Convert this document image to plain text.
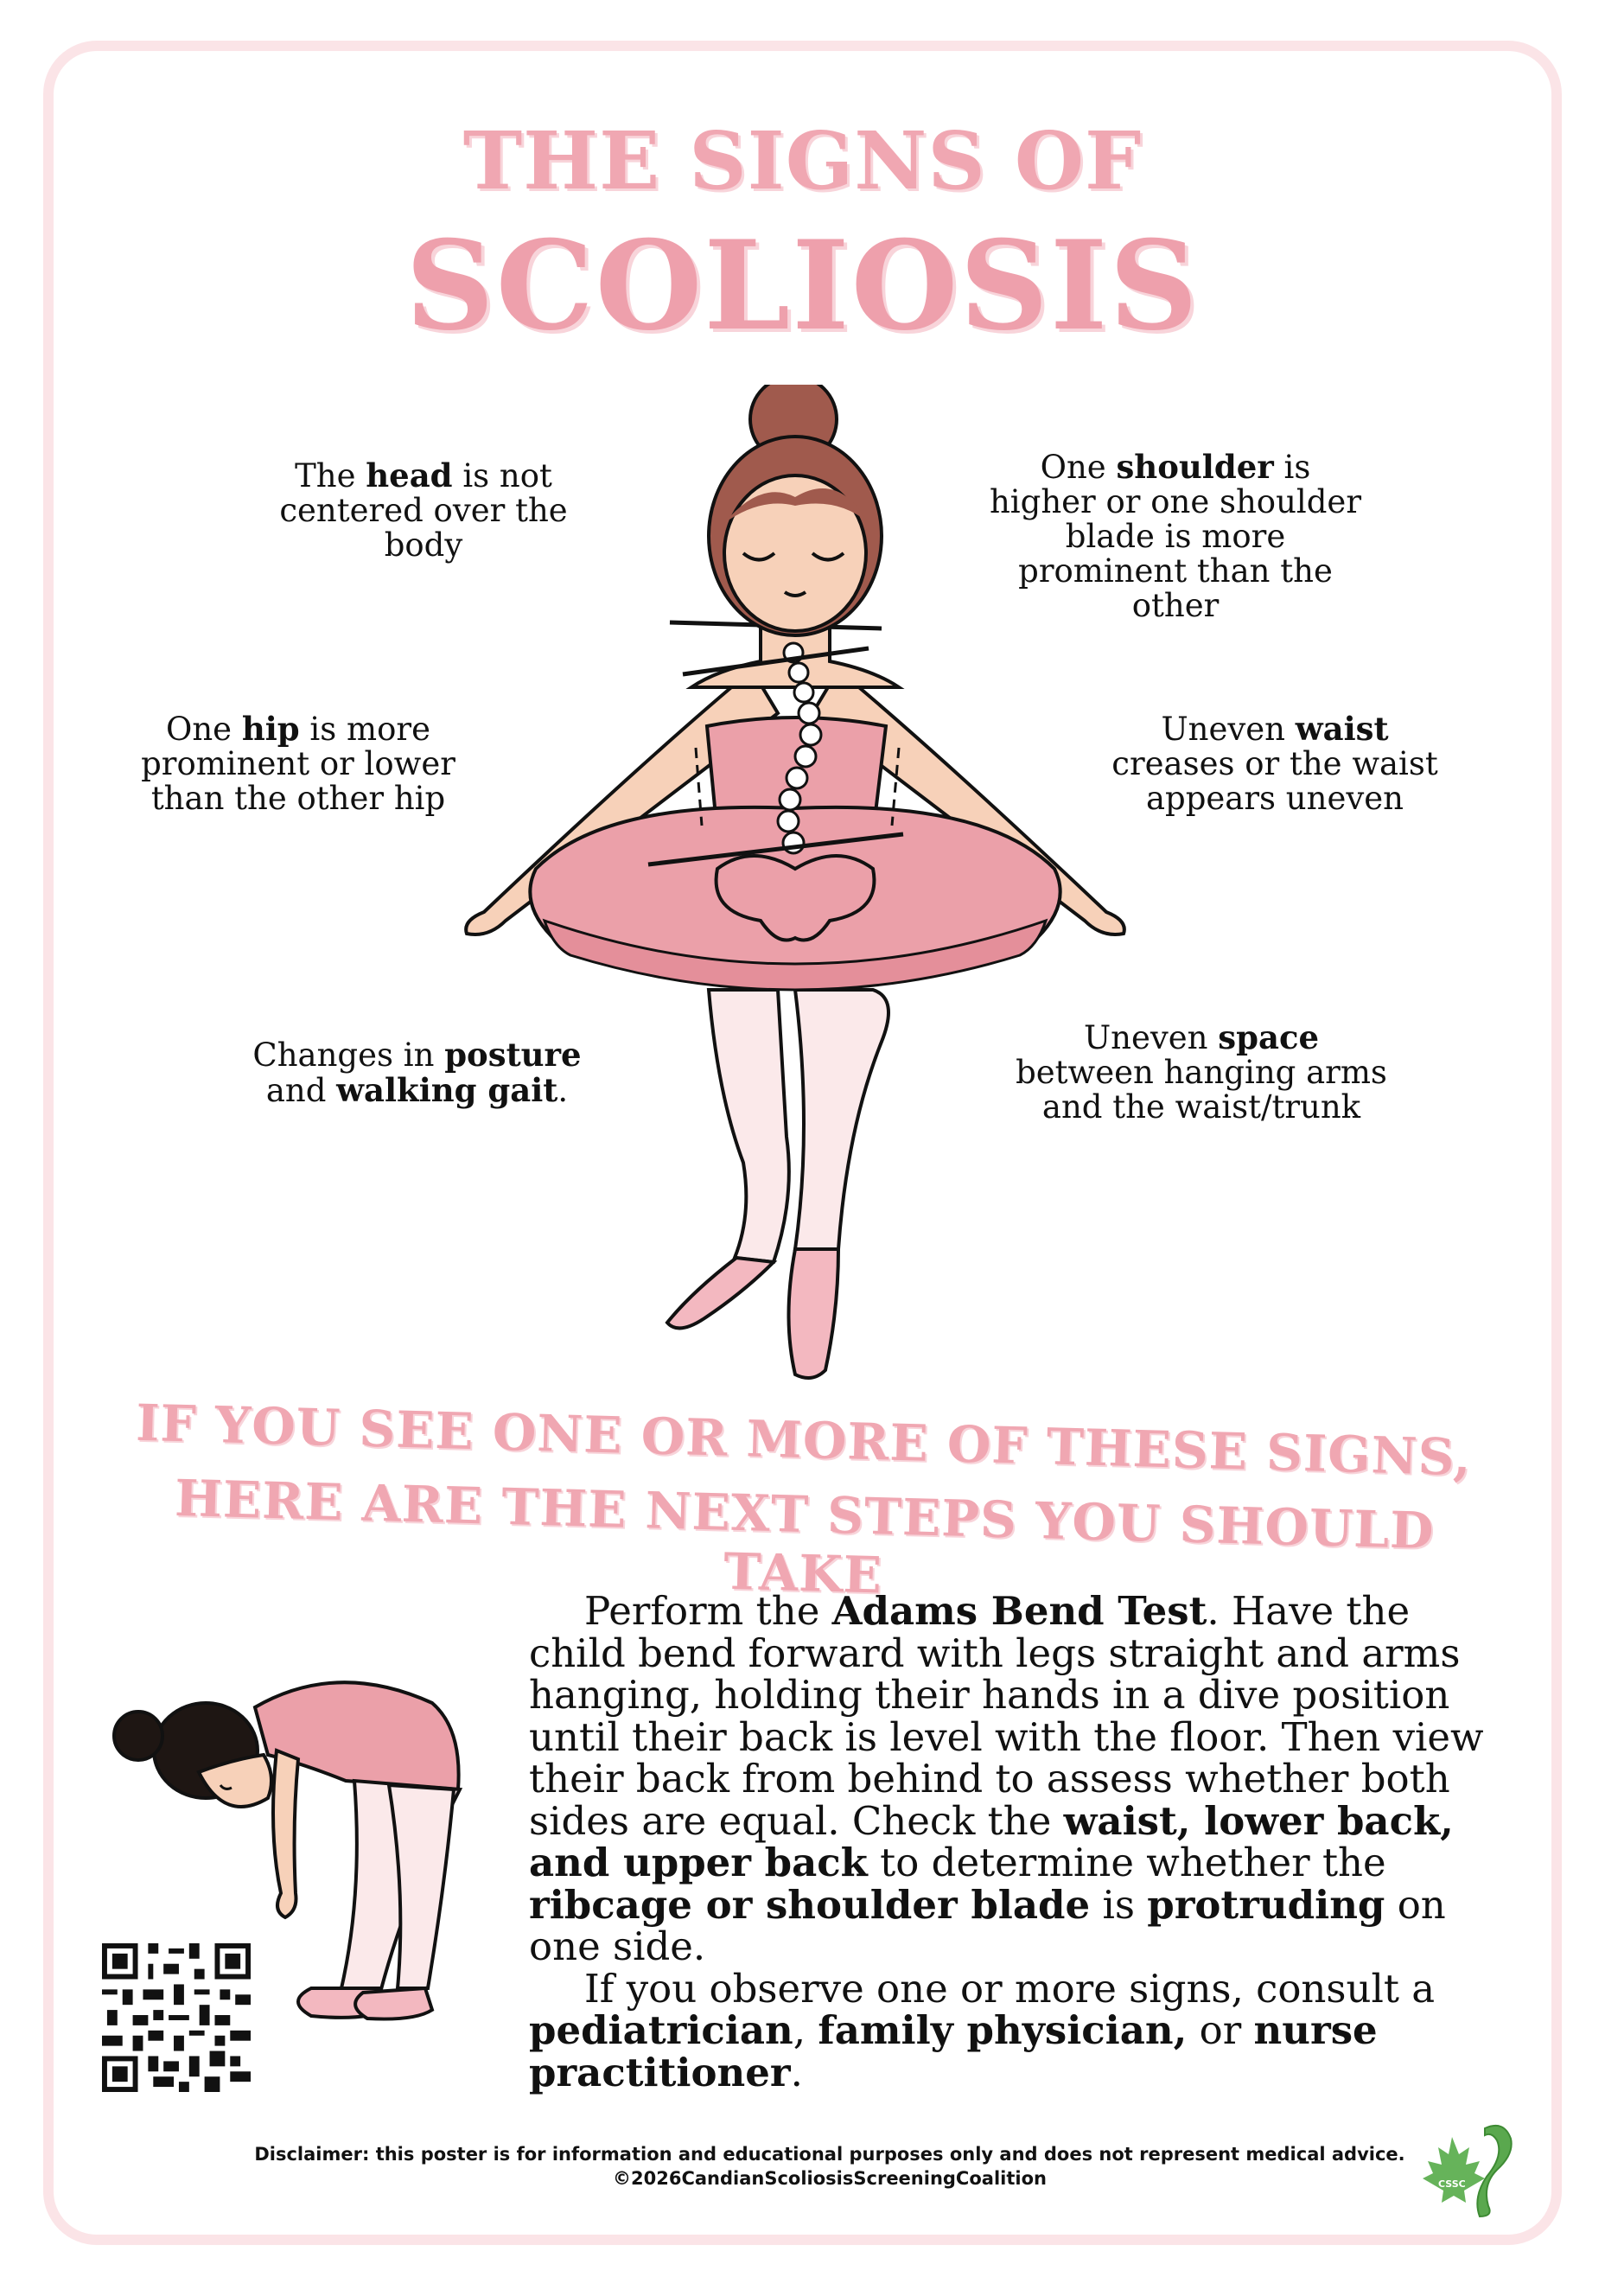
THE SIGNS OF
SCOLIOSIS
The head is not centered over the body
One shoulder is higher or one shoulder blade is more prominent than the other
One hip is more prominent or lower than the other hip
Uneven waist creases or the waist appears uneven
Changes in posture and walking gait.
Uneven space between hanging arms and the waist/trunk
IF YOU SEE ONE OR MORE OF THESE SIGNS,
HERE ARE THE NEXT STEPS YOU SHOULD TAKE

Perform the Adams Bend Test. Have the child bend forward with legs straight and arms hanging, holding their hands in a dive position until their back is level with the floor. Then view their back from behind to assess whether both sides are equal. Check the waist, lower back, and upper back to determine whether the ribcage or shoulder blade is protruding on one side.

If you observe one or more signs, consult a pediatrician, family physician, or nurse practitioner.

Disclaimer: this poster is for information and educational purposes only and does not represent medical advice.
©2026CandianScoliosisScreeningCoalition	CSSC
